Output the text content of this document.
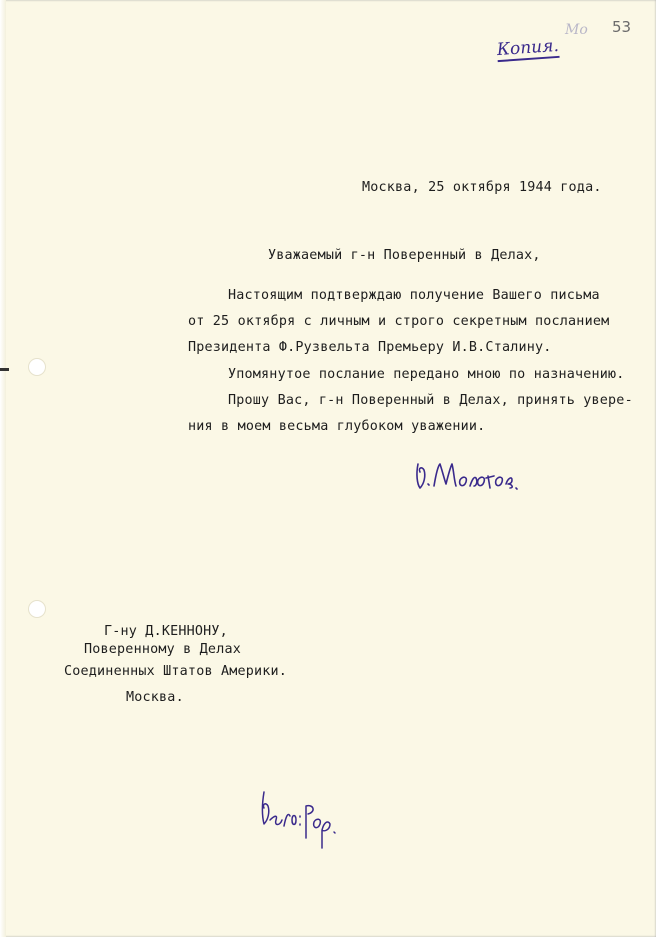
53
Мо
Копия.
Москва, 25 октября 1944 года.
Уважаемый г-н Поверенный в Делах,
Настоящим подтверждаю получение Вашего письма
от 25 октября с личным и строго секретным посланием
Президента Ф.Рузвельта Премьеру И.В.Сталину.
Упомянутое послание передано мною по назначению.
Прошу Вас, г-н Поверенный в Делах, принять увере-
ния в моем весьма глубоком уважении.
Г-ну Д.КЕННОНУ,
Поверенному в Делах
Соединенных Штатов Америки.
Москва.
